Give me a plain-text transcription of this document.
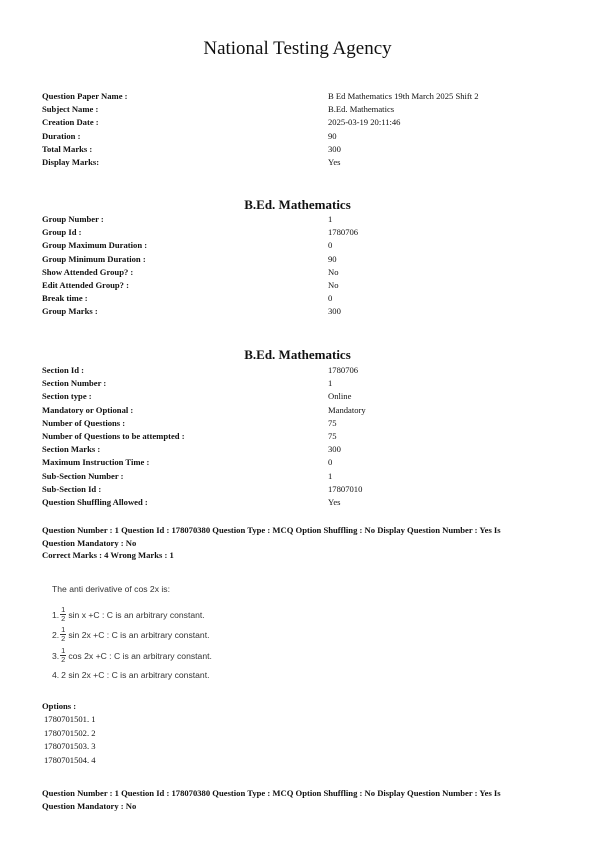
National Testing Agency
Question Paper Name :	B Ed Mathematics 19th March 2025 Shift 2
Subject Name :	B.Ed. Mathematics
Creation Date :	2025-03-19 20:11:46
Duration :	90
Total Marks :	300
Display Marks:	Yes
B.Ed. Mathematics
Group Number :	1
Group Id :	1780706
Group Maximum Duration :	0
Group Minimum Duration :	90
Show Attended Group? :	No
Edit Attended Group? :	No
Break time :	0
Group Marks :	300
B.Ed. Mathematics
Section Id :	1780706
Section Number :	1
Section type :	Online
Mandatory or Optional :	Mandatory
Number of Questions :	75
Number of Questions to be attempted :	75
Section Marks :	300
Maximum Instruction Time :	0
Sub-Section Number :	1
Sub-Section Id :	17807010
Question Shuffling Allowed :	Yes
Question Number : 1 Question Id : 178070380 Question Type : MCQ Option Shuffling : No Display Question Number : Yes Is
Question Mandatory : No
Correct Marks : 4 Wrong Marks : 1
The anti derivative of cos 2x is:
1. $\frac{1}{2}$ sin x +C : C is an arbitrary constant.
2. $\frac{1}{2}$ sin 2x +C : C is an arbitrary constant.
3. $\frac{1}{2}$ cos 2x +C : C is an arbitrary constant.
4. 2 sin 2x +C : C is an arbitrary constant.
Options :
1780701501. 1
1780701502. 2
1780701503. 3
1780701504. 4
Question Number : 1 Question Id : 178070380 Question Type : MCQ Option Shuffling : No Display Question Number : Yes Is
Question Mandatory : No
